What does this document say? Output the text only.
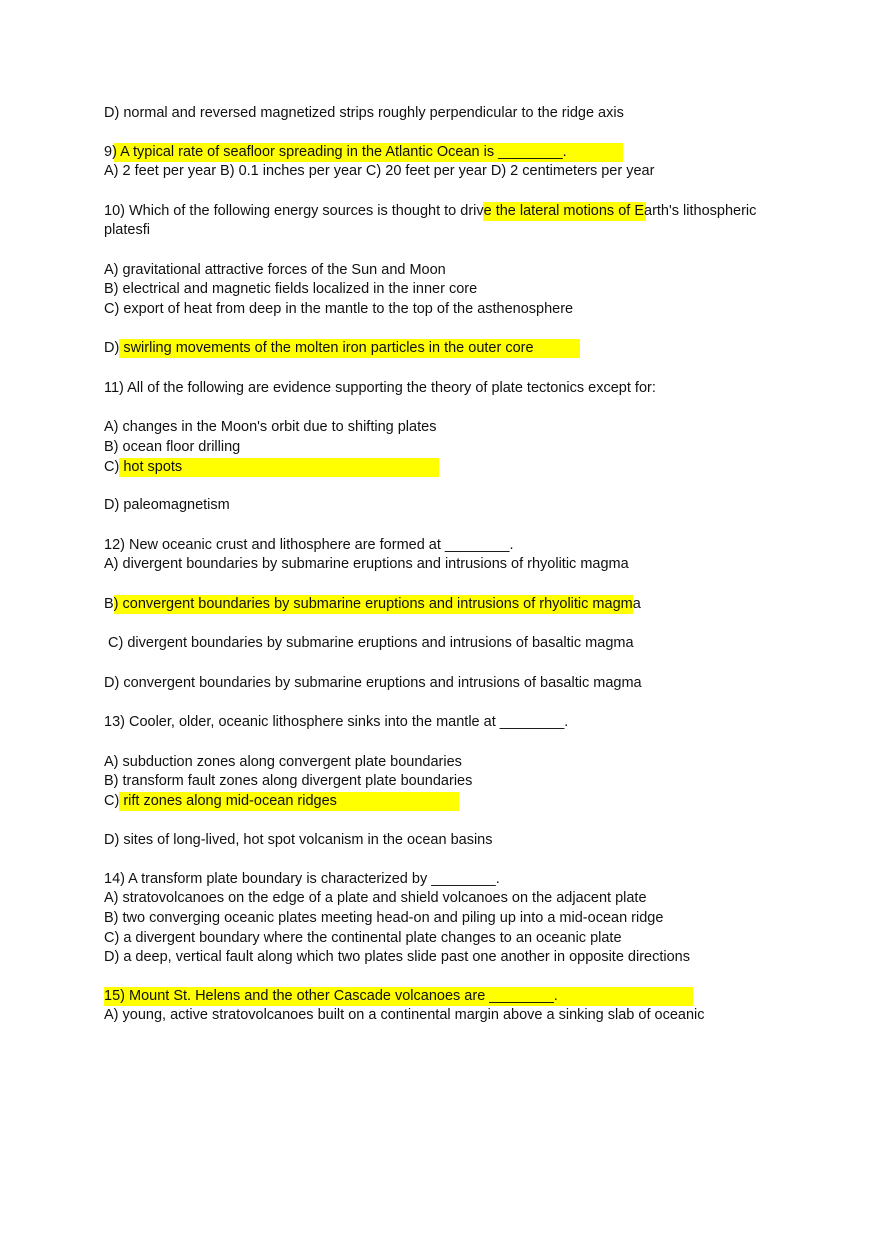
D) normal and reversed magnetized strips roughly perpendicular to the ridge axis
9) A typical rate of seafloor spreading in the Atlantic Ocean is ________.
A) 2 feet per year B) 0.1 inches per year C) 20 feet per year D) 2 centimeters per year
10) Which of the following energy sources is thought to drive the lateral motions of Earth's lithospheric
platesﬁ
A) gravitational attractive forces of the Sun and Moon
B) electrical and magnetic fields localized in the inner core
C) export of heat from deep in the mantle to the top of the asthenosphere
D) swirling movements of the molten iron particles in the outer core
11) All of the following are evidence supporting the theory of plate tectonics except for:
A) changes in the Moon's orbit due to shifting plates
B) ocean floor drilling
C) hot spots
D) paleomagnetism
12) New oceanic crust and lithosphere are formed at ________.
A) divergent boundaries by submarine eruptions and intrusions of rhyolitic magma
B) convergent boundaries by submarine eruptions and intrusions of rhyolitic magma
C) divergent boundaries by submarine eruptions and intrusions of basaltic magma
D) convergent boundaries by submarine eruptions and intrusions of basaltic magma
13) Cooler, older, oceanic lithosphere sinks into the mantle at ________.
A) subduction zones along convergent plate boundaries
B) transform fault zones along divergent plate boundaries
C) rift zones along mid-ocean ridges
D) sites of long-lived, hot spot volcanism in the ocean basins
14) A transform plate boundary is characterized by ________.
A) stratovolcanoes on the edge of a plate and shield volcanoes on the adjacent plate
B) two converging oceanic plates meeting head-on and piling up into a mid-ocean ridge
C) a divergent boundary where the continental plate changes to an oceanic plate
D) a deep, vertical fault along which two plates slide past one another in opposite directions
15) Mount St. Helens and the other Cascade volcanoes are ________.
A) young, active stratovolcanoes built on a continental margin above a sinking slab of oceanic
